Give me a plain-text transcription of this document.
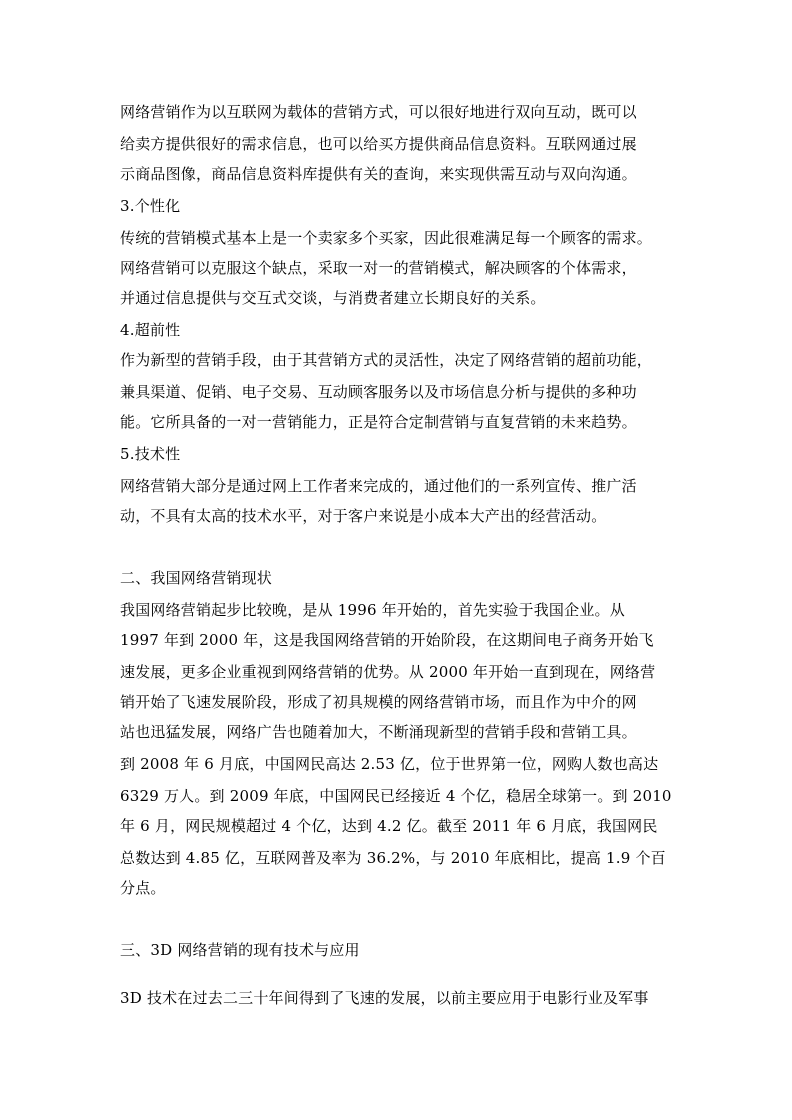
网络营销作为以互联网为载体的营销方式，可以很好地进行双向互动，既可以
给卖方提供很好的需求信息，也可以给买方提供商品信息资料。互联网通过展
示商品图像，商品信息资料库提供有关的查询，来实现供需互动与双向沟通。
3.个性化
传统的营销模式基本上是一个卖家多个买家，因此很难满足每一个顾客的需求。
网络营销可以克服这个缺点，采取一对一的营销模式，解决顾客的个体需求，
并通过信息提供与交互式交谈，与消费者建立长期良好的关系。
4.超前性
作为新型的营销手段，由于其营销方式的灵活性，决定了网络营销的超前功能，
兼具渠道、促销、电子交易、互动顾客服务以及市场信息分析与提供的多种功
能。它所具备的一对一营销能力，正是符合定制营销与直复营销的未来趋势。
5.技术性
网络营销大部分是通过网上工作者来完成的，通过他们的一系列宣传、推广活
动，不具有太高的技术水平，对于客户来说是小成本大产出的经营活动。
二、我国网络营销现状
我国网络营销起步比较晚，是从 1996 年开始的，首先实验于我国企业。从
1997 年到 2000 年，这是我国网络营销的开始阶段，在这期间电子商务开始飞
速发展，更多企业重视到网络营销的优势。从 2000 年开始一直到现在，网络营
销开始了飞速发展阶段，形成了初具规模的网络营销市场，而且作为中介的网
站也迅猛发展，网络广告也随着加大，不断涌现新型的营销手段和营销工具。
到 2008 年 6 月底，中国网民高达 2.53 亿，位于世界第一位，网购人数也高达
6329 万人。到 2009 年底，中国网民已经接近 4 个亿，稳居全球第一。到 2010
年 6 月，网民规模超过 4 个亿，达到 4.2 亿。截至 2011 年 6 月底，我国网民
总数达到 4.85 亿，互联网普及率为 36.2%，与 2010 年底相比，提高 1.9 个百
分点。
三、3D 网络营销的现有技术与应用
3D 技术在过去二三十年间得到了飞速的发展，以前主要应用于电影行业及军事
